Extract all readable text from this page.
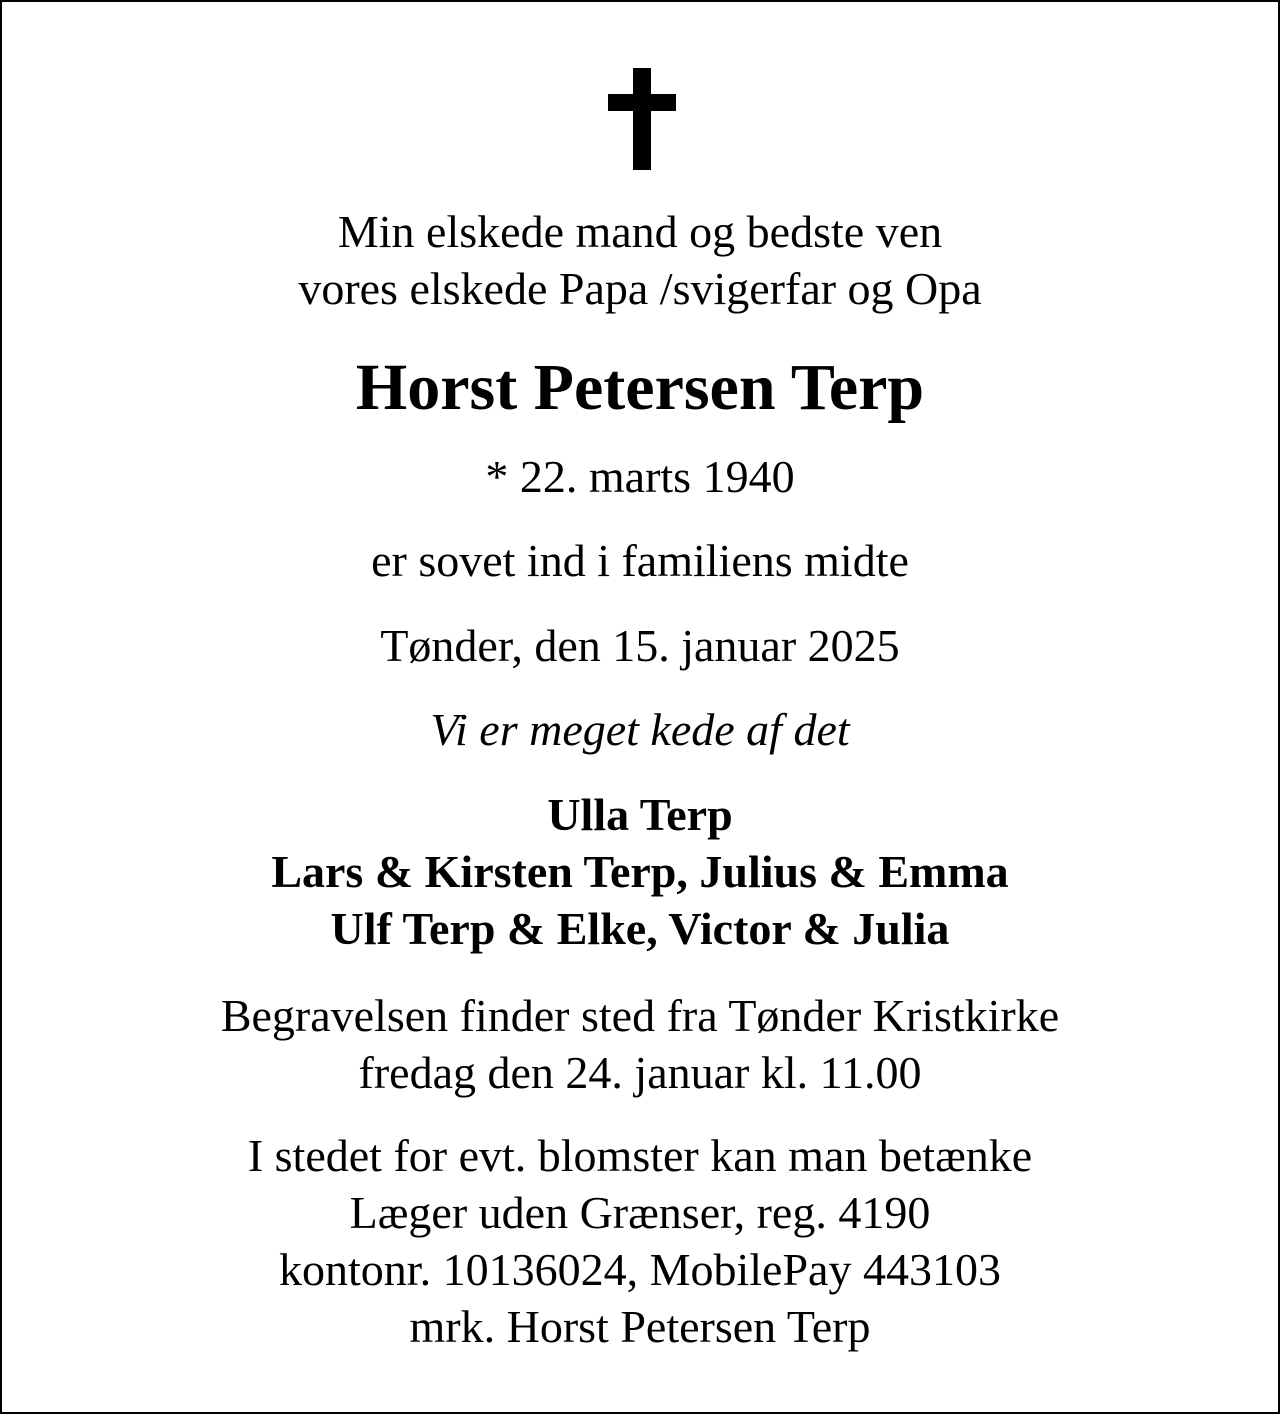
Min elskede mand og bedste ven
vores elskede Papa /svigerfar og Opa
Horst Petersen Terp
* 22. marts 1940
er sovet ind i familiens midte
Tønder, den 15. januar 2025
Vi er meget kede af det
Ulla Terp
Lars & Kirsten Terp, Julius & Emma
Ulf Terp & Elke, Victor & Julia
Begravelsen finder sted fra Tønder Kristkirke
fredag den 24. januar kl. 11.00
I stedet for evt. blomster kan man betænke
Læger uden Grænser, reg. 4190
kontonr. 10136024, MobilePay 443103
mrk. Horst Petersen Terp
